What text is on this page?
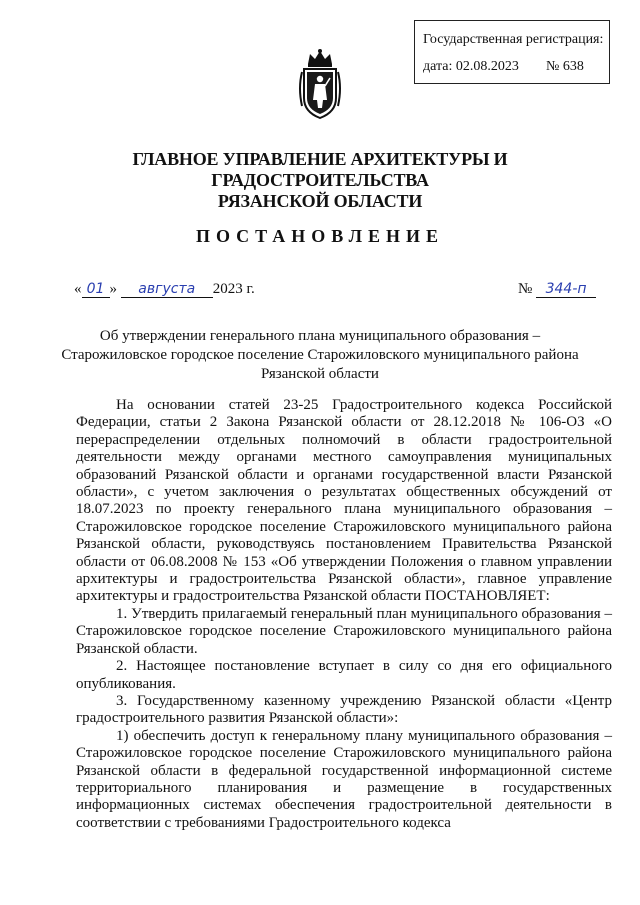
Государственная регистрация:
дата: 02.08.2023 № 638
ГЛАВНОЕ УПРАВЛЕНИЕ АРХИТЕКТУРЫ И ГРАДОСТРОИТЕЛЬСТВА
РЯЗАНСКОЙ ОБЛАСТИ
ПОСТАНОВЛЕНИЕ
« 01 » августа 2023 г.	№ 344-п
Об утверждении генерального плана муниципального образования –
Старожиловское городское поселение Старожиловского муниципального района
Рязанской области

На основании статей 23-25 Градостроительного кодекса Российской Федерации, статьи 2 Закона Рязанской области от 28.12.2018 № 106-ОЗ «О перераспределении отдельных полномочий в области градостроительной деятельности между органами местного самоуправления муниципальных образований Рязанской области и органами государственной власти Рязанской области», с учетом заключения о результатах общественных обсуждений от 18.07.2023 по проекту генерального плана муниципального образования – Старожиловское городское поселение Старожиловского муниципального района Рязанской области, руководствуясь постановлением Правительства Рязанской области от 06.08.2008 № 153 «Об утверждении Положения о главном управлении архитектуры и градостроительства Рязанской области», главное управление архитектуры и градостроительства Рязанской области ПОСТАНОВЛЯЕТ:

1. Утвердить прилагаемый генеральный план муниципального образования – Старожиловское городское поселение Старожиловского муниципального района Рязанской области.

2. Настоящее постановление вступает в силу со дня его официального опубликования.

3. Государственному казенному учреждению Рязанской области «Центр градостроительного развития Рязанской области»:

1) обеспечить доступ к генеральному плану муниципального образования – Старожиловское городское поселение Старожиловского муниципального района Рязанской области в федеральной государственной информационной системе территориального планирования и размещение в государственных информационных системах обеспечения градостроительной деятельности в соответствии с требованиями Градостроительного кодекса
